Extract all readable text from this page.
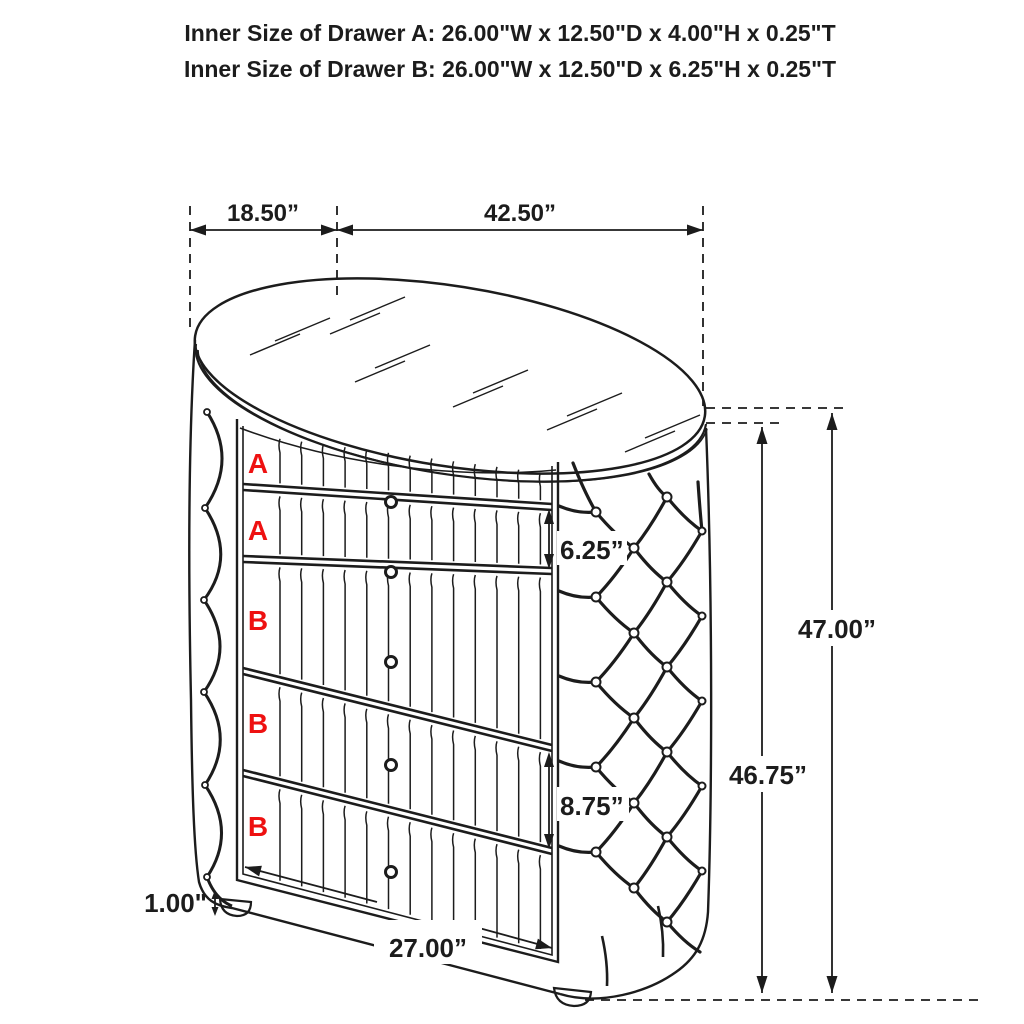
Inner Size of Drawer A: 26.00"W x 12.50"D x 4.00"H x 0.25"T
Inner Size of Drawer B: 26.00"W x 12.50"D x 6.25"H x 0.25"T
A
A
B
B
B
18.50”	42.50”
47.00”
46.75”
6.25”
8.75”
27.00”
1.00"
